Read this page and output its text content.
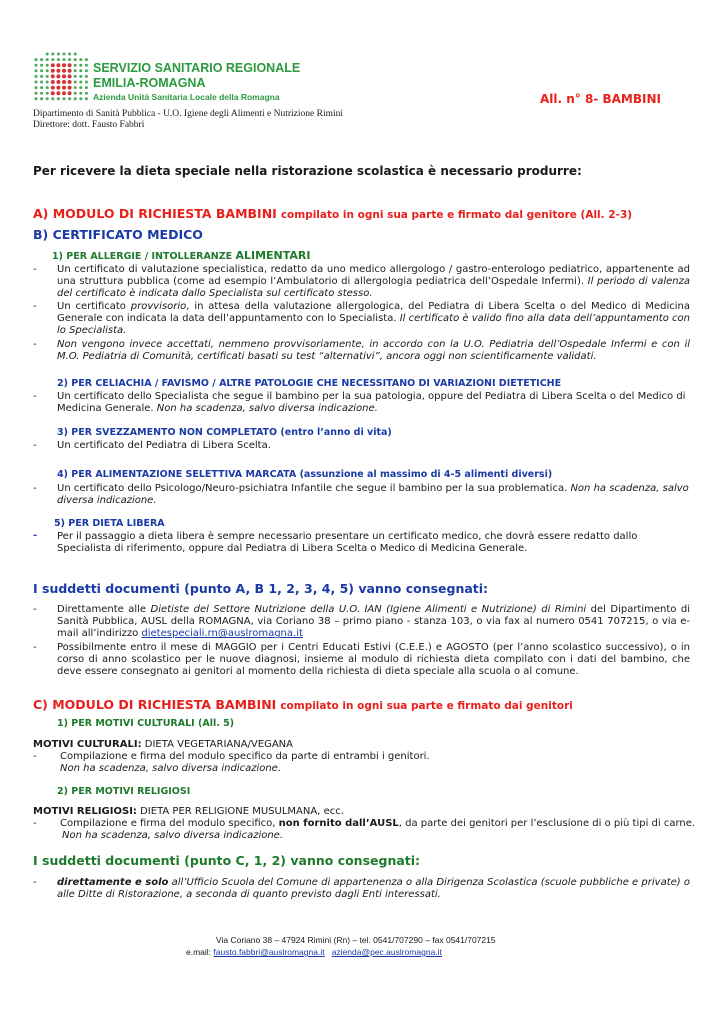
SERVIZIO SANITARIO REGIONALE
EMILIA-ROMAGNA
Azienda Unità Sanitaria Locale della Romagna
Dipartimento di Sanità Pubblica - U.O. Igiene degli Alimenti e Nutrizione Rimini
Direttore: dott. Fausto Fabbri
All. n° 8- BAMBINI
Per ricevere la dieta speciale nella ristorazione scolastica è necessario produrre:
A) MODULO DI RICHIESTA BAMBINI compilato in ogni sua parte e firmato dal genitore (All. 2-3)
B) CERTIFICATO MEDICO
1) PER ALLERGIE / INTOLLERANZE ALIMENTARI
- Un certificato di valutazione specialistica, redatto da uno medico allergologo / gastro-enterologo pediatrico, appartenente ad una struttura pubblica (come ad esempio l’Ambulatorio di allergologia pediatrica dell’Ospedale Infermi). Il periodo di valenza del certificato è indicata dallo Specialista sul certificato stesso.
- Un certificato provvisorio, in attesa della valutazione allergologica, del Pediatra di Libera Scelta o del Medico di Medicina Generale con indicata la data dell’appuntamento con lo Specialista. Il certificato è valido fino alla data dell’appuntamento con lo Specialista.
- Non vengono invece accettati, nemmeno provvisoriamente, in accordo con la U.O. Pediatria dell’Ospedale Infermi e con il M.O. Pediatria di Comunità, certificati basati su test “alternativi”, ancora oggi non scientificamente validati.
2) PER CELIACHIA / FAVISMO / ALTRE PATOLOGIE CHE NECESSITANO DI VARIAZIONI DIETETICHE
- Un certificato dello Specialista che segue il bambino per la sua patologia, oppure del Pediatra di Libera Scelta o del Medico di Medicina Generale. Non ha scadenza, salvo diversa indicazione.
3) PER SVEZZAMENTO NON COMPLETATO (entro l’anno di vita)
- Un certificato del Pediatra di Libera Scelta.
4) PER ALIMENTAZIONE SELETTIVA MARCATA (assunzione al massimo di 4-5 alimenti diversi)
- Un certificato dello Psicologo/Neuro-psichiatra Infantile che segue il bambino per la sua problematica. Non ha scadenza, salvo diversa indicazione.
5) PER DIETA LIBERA
- Per il passaggio a dieta libera è sempre necessario presentare un certificato medico, che dovrà essere redatto dallo Specialista di riferimento, oppure dal Pediatra di Libera Scelta o Medico di Medicina Generale.
I suddetti documenti (punto A, B 1, 2, 3, 4, 5) vanno consegnati:
- Direttamente alle Dietiste del Settore Nutrizione della U.O. IAN (Igiene Alimenti e Nutrizione) di Rimini del Dipartimento di Sanità Pubblica, AUSL della ROMAGNA, via Coriano 38 – primo piano - stanza 103, o via fax al numero 0541 707215, o via e-mail all’indirizzo dietespeciali.rn@auslromagna.it
- Possibilmente entro il mese di MAGGIO per i Centri Educati Estivi (C.E.E.) e AGOSTO (per l’anno scolastico successivo), o in corso di anno scolastico per le nuove diagnosi, insieme al modulo di richiesta dieta compilato con i dati del bambino, che deve essere consegnato ai genitori al momento della richiesta di dieta speciale alla scuola o al comune.
C) MODULO DI RICHIESTA BAMBINI compilato in ogni sua parte e firmato dai genitori
1) PER MOTIVI CULTURALI (All. 5)
MOTIVI CULTURALI: DIETA VEGETARIANA/VEGANA
- Compilazione e firma del modulo specifico da parte di entrambi i genitori.
Non ha scadenza, salvo diversa indicazione.
2) PER MOTIVI RELIGIOSI
MOTIVI RELIGIOSI: DIETA PER RELIGIONE MUSULMANA, ecc.
- Compilazione e firma del modulo specifico, non fornito dall’AUSL, da parte dei genitori per l’esclusione di o più tipi di carne.
Non ha scadenza, salvo diversa indicazione.
I suddetti documenti (punto C, 1, 2) vanno consegnati:
- direttamente e solo all’Ufficio Scuola del Comune di appartenenza o alla Dirigenza Scolastica (scuole pubbliche e private) o alle Ditte di Ristorazione, a seconda di quanto previsto dagli Enti interessati.
Via Coriano 38 – 47924 Rimini (Rn) – tel. 0541/707290 – fax 0541/707215
e.mail: fausto.fabbri@auslromagna.it azienda@pec.auslromagna.it
